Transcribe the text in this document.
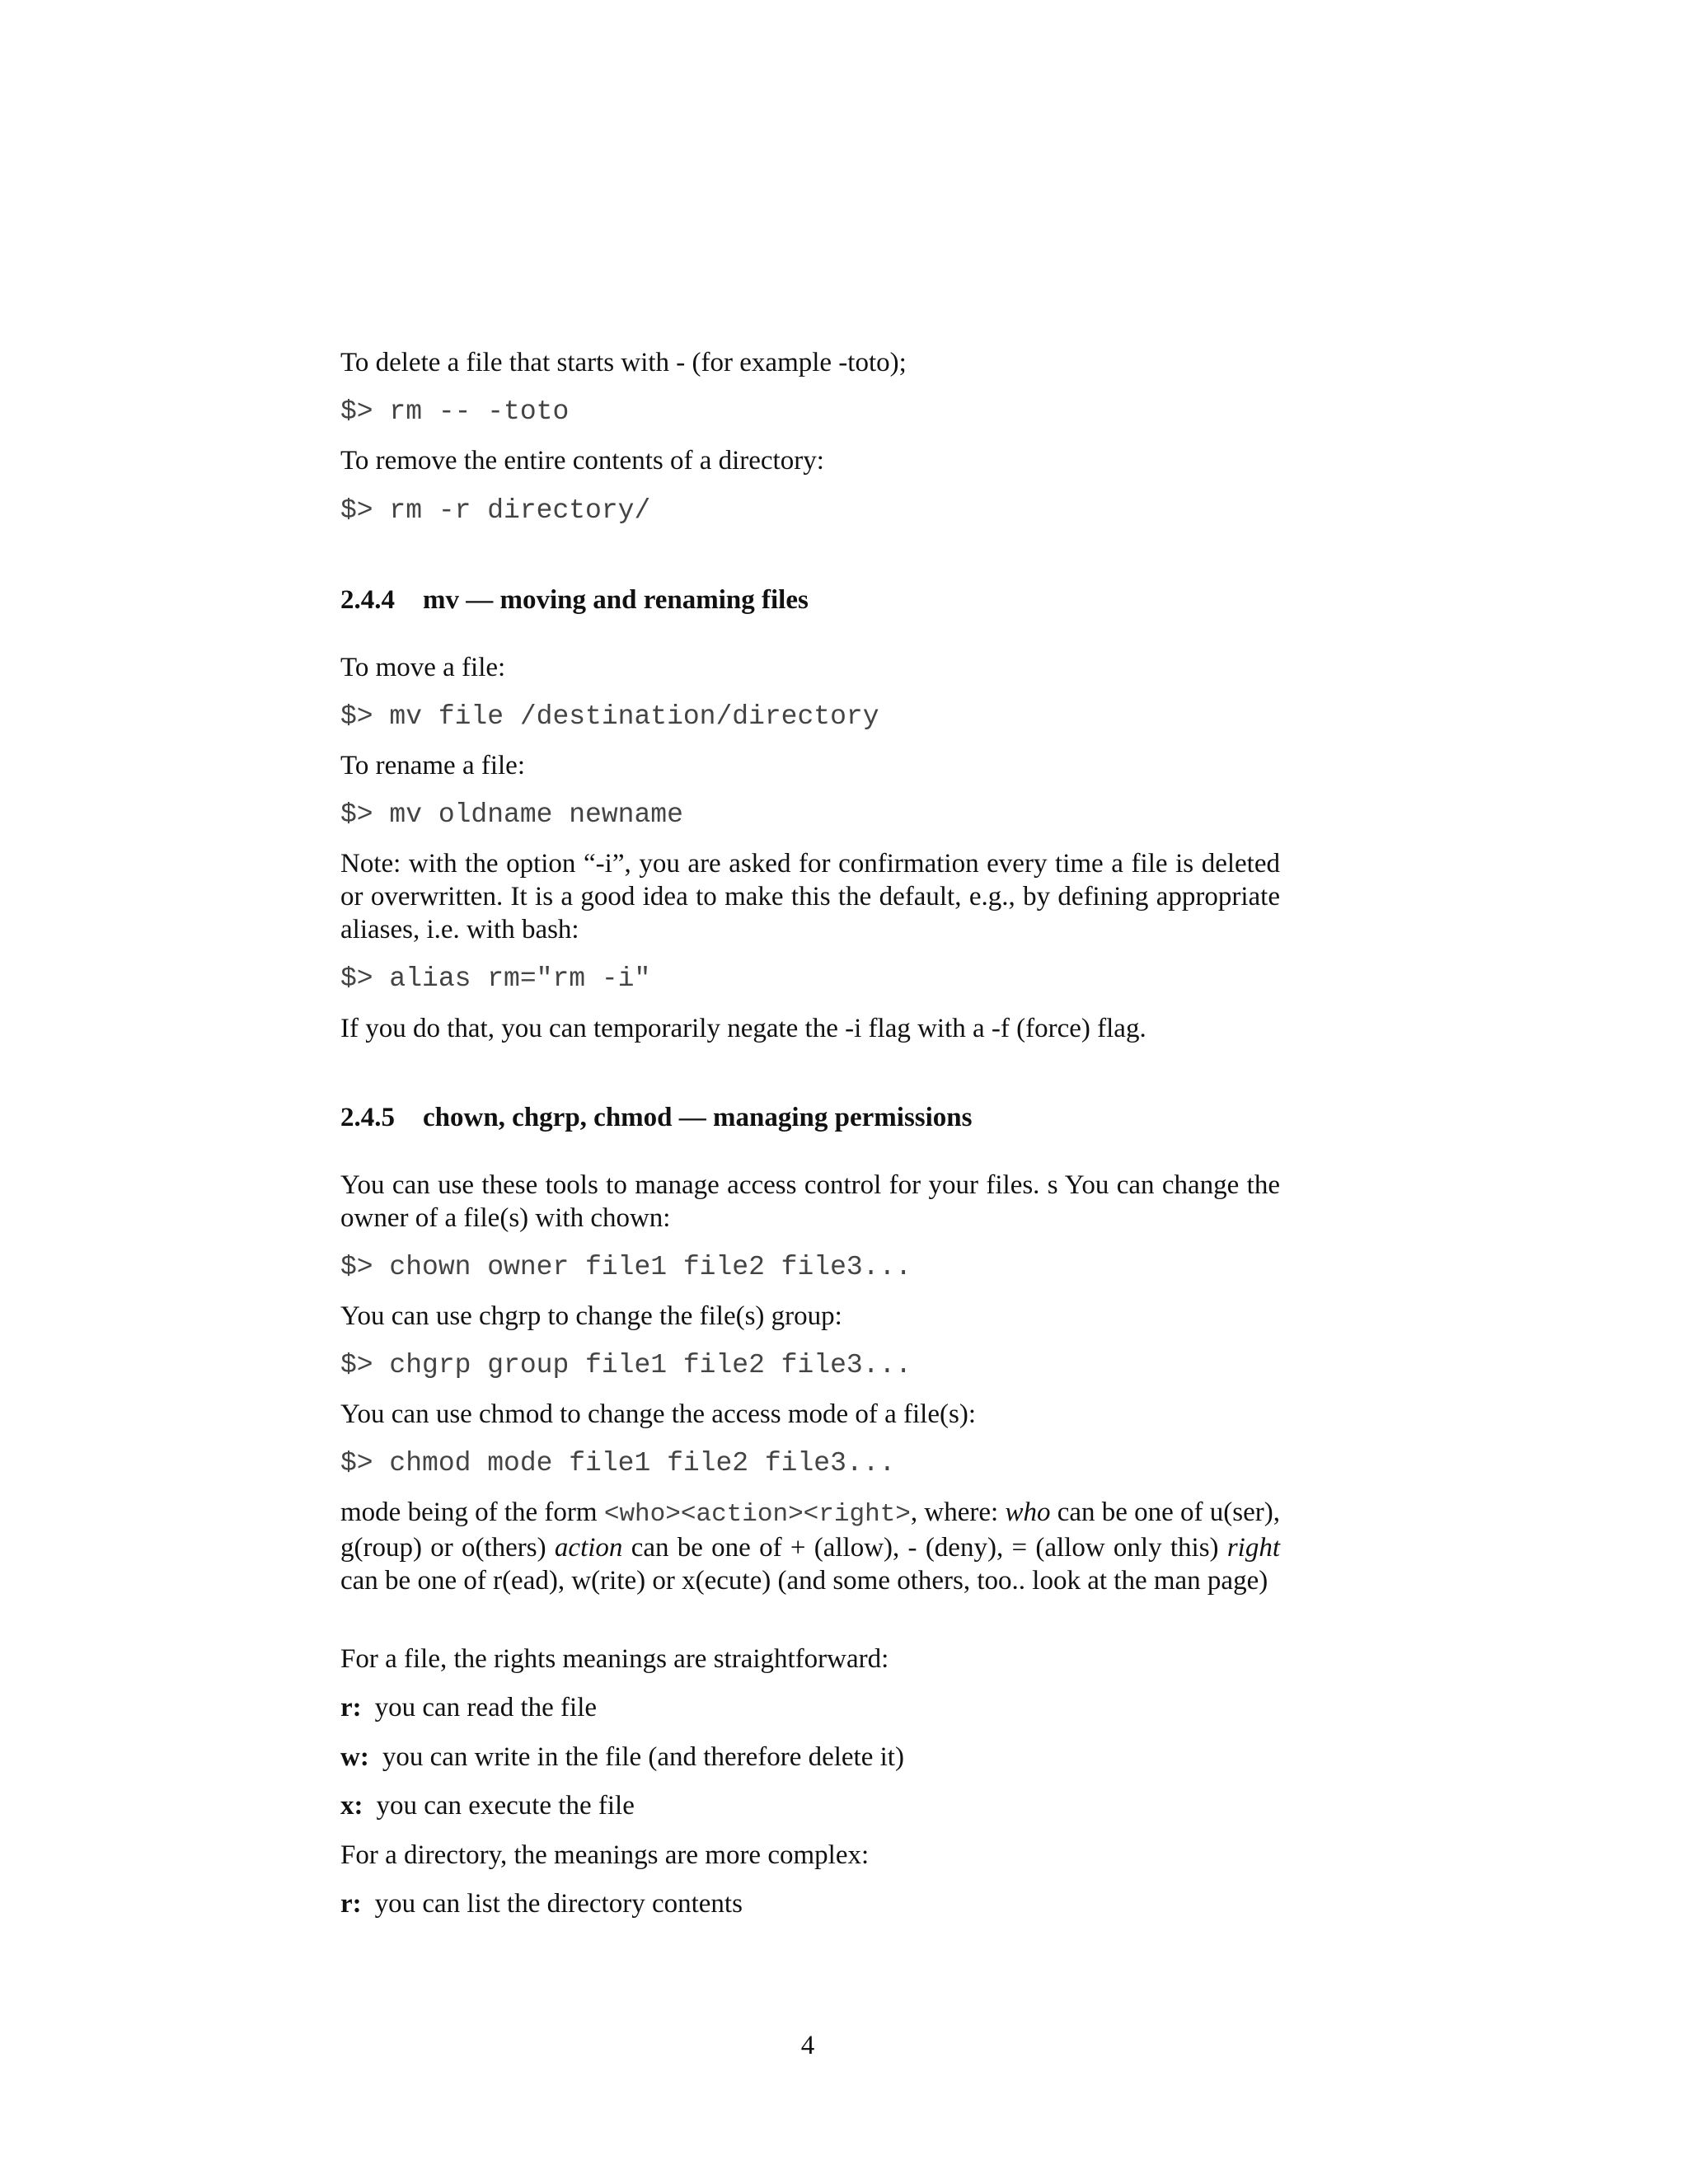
To delete a file that starts with - (for example -toto);

$> rm -- -toto

To remove the entire contents of a directory:

$> rm -r directory/

2.4.4 mv — moving and renaming files

To move a file:

$> mv file /destination/directory

To rename a file:

$> mv oldname newname

Note: with the option “-i”, you are asked for confirmation every time a file is deleted or overwritten. It is a good idea to make this the default, e.g., by defining appropriate aliases, i.e. with bash:

$> alias rm="rm -i"

If you do that, you can temporarily negate the -i flag with a -f (force) flag.

2.4.5 chown, chgrp, chmod — managing permissions

You can use these tools to manage access control for your files. s You can change the owner of a file(s) with chown:

$> chown owner file1 file2 file3...

You can use chgrp to change the file(s) group:

$> chgrp group file1 file2 file3...

You can use chmod to change the access mode of a file(s):

$> chmod mode file1 file2 file3...

mode being of the form <who><action><right>, where: who can be one of u(ser), g(roup) or o(thers) action can be one of + (allow), - (deny), = (allow only this) right can be one of r(ead), w(rite) or x(ecute) (and some others, too.. look at the man page)

For a file, the rights meanings are straightforward:

r: you can read the file

w: you can write in the file (and therefore delete it)

x: you can execute the file

For a directory, the meanings are more complex:

r: you can list the directory contents

4
